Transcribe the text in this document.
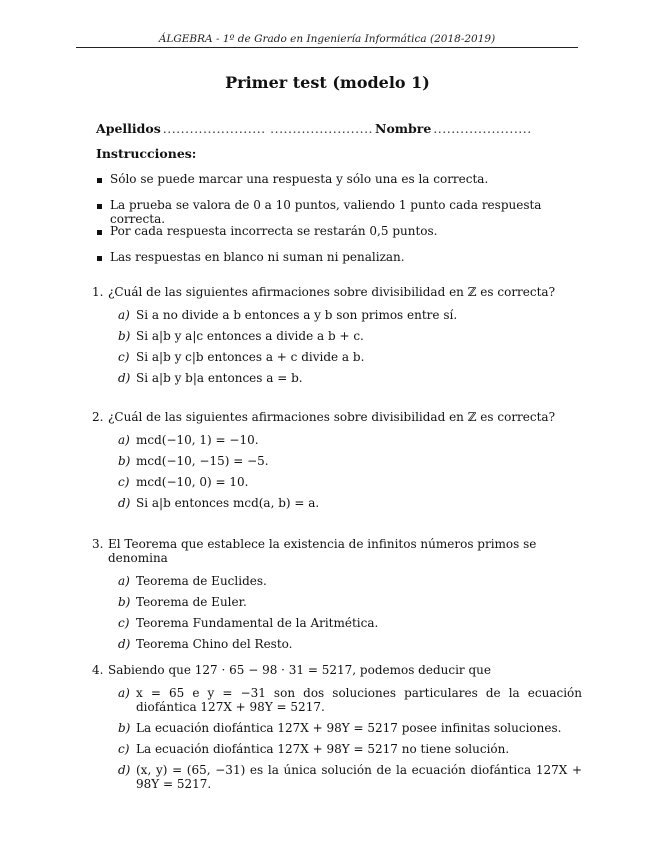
ÁLGEBRA - 1º de Grado en Ingeniería Informática (2018-2019)
Primer test (modelo 1)
Apellidos ....................... ....................... Nombre ......................
Instrucciones:
Sólo se puede marcar una respuesta y sólo una es la correcta.
La prueba se valora de 0 a 10 puntos, valiendo 1 punto cada respuesta correcta.
Por cada respuesta incorrecta se restarán 0,5 puntos.
Las respuestas en blanco ni suman ni penalizan.
1. ¿Cuál de las siguientes afirmaciones sobre divisibilidad en ℤ es correcta?
a) Si a no divide a b entonces a y b son primos entre sí.
b) Si a|b y a|c entonces a divide a b + c.
c) Si a|b y c|b entonces a + c divide a b.
d) Si a|b y b|a entonces a = b.
2. ¿Cuál de las siguientes afirmaciones sobre divisibilidad en ℤ es correcta?
a) mcd(−10, 1) = −10.
b) mcd(−10, −15) = −5.
c) mcd(−10, 0) = 10.
d) Si a|b entonces mcd(a, b) = a.
3. El Teorema que establece la existencia de infinitos números primos se denomina
a) Teorema de Euclides.
b) Teorema de Euler.
c) Teorema Fundamental de la Aritmética.
d) Teorema Chino del Resto.
4. Sabiendo que 127 · 65 − 98 · 31 = 5217, podemos deducir que
a) x = 65 e y = −31 son dos soluciones particulares de la ecuación diofántica 127X + 98Y = 5217.
b) La ecuación diofántica 127X + 98Y = 5217 posee infinitas soluciones.
c) La ecuación diofántica 127X + 98Y = 5217 no tiene solución.
d) (x, y) = (65, −31) es la única solución de la ecuación diofántica 127X + 98Y = 5217.
